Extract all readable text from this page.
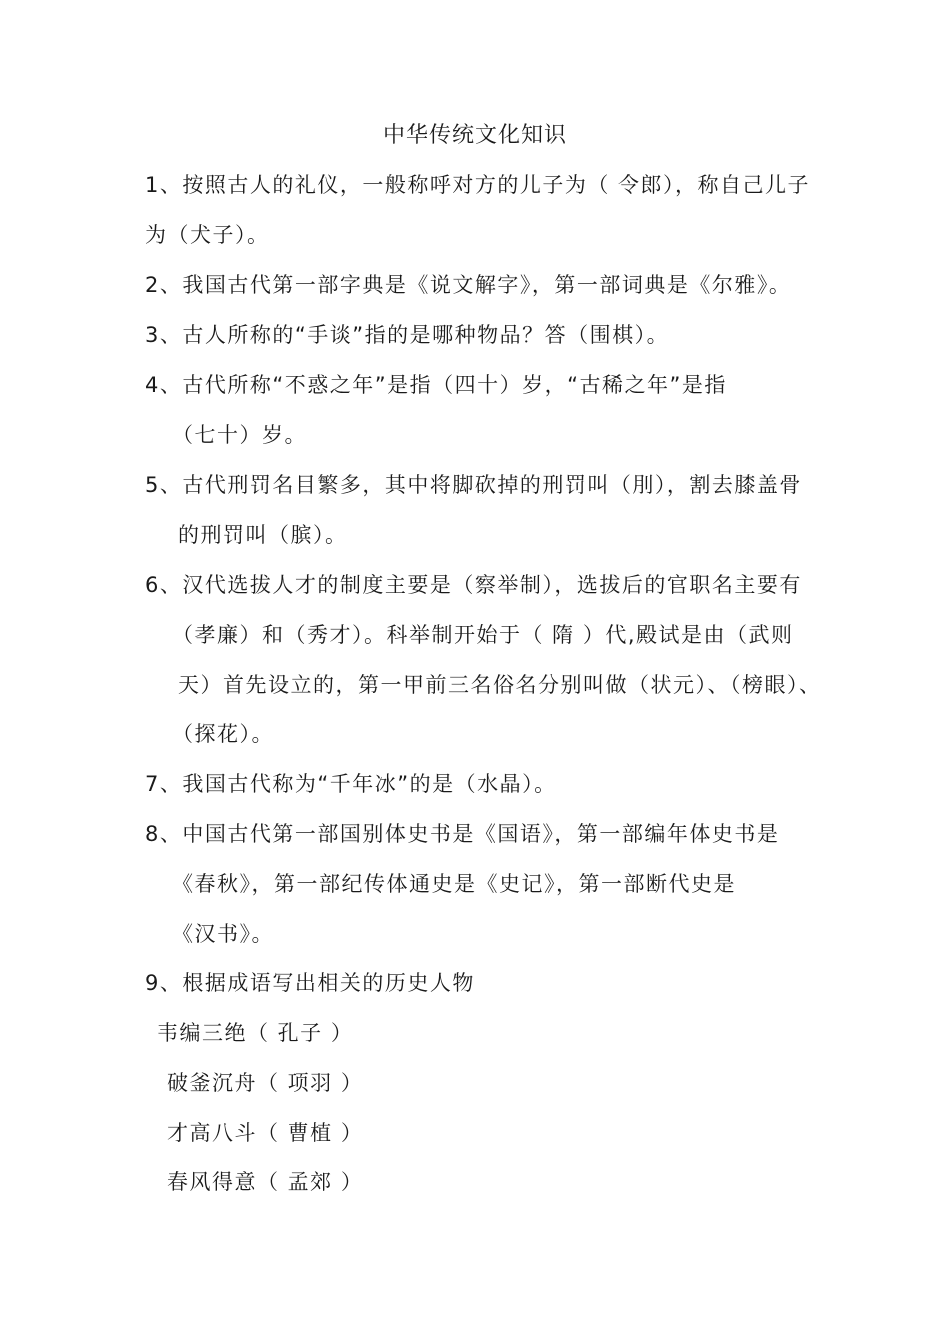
中华传统文化知识
1、按照古人的礼仪，一般称呼对方的儿子为（ 令郎），称自己儿子
为（犬子）。
2、我国古代第一部字典是《说文解字》，第一部词典是《尔雅》。
3、古人所称的“手谈”指的是哪种物品？答（围棋）。
4、古代所称“不惑之年”是指（四十）岁，“古稀之年”是指
（七十）岁。
5、古代刑罚名目繁多，其中将脚砍掉的刑罚叫（刖），割去膝盖骨
的刑罚叫（膑）。
6、汉代选拔人才的制度主要是（察举制），选拔后的官职名主要有
（孝廉）和（秀才）。科举制开始于（ 隋 ）代,殿试是由（武则
天）首先设立的，第一甲前三名俗名分别叫做（状元）、（榜眼）、
（探花）。
7、我国古代称为“千年冰”的是（水晶）。
8、中国古代第一部国别体史书是《国语》，第一部编年体史书是
《春秋》，第一部纪传体通史是《史记》，第一部断代史是
《汉书》。
9、根据成语写出相关的历史人物
韦编三绝（ 孔子 ）
破釜沉舟（ 项羽 ）
才高八斗（ 曹植 ）
春风得意（ 孟郊 ）
